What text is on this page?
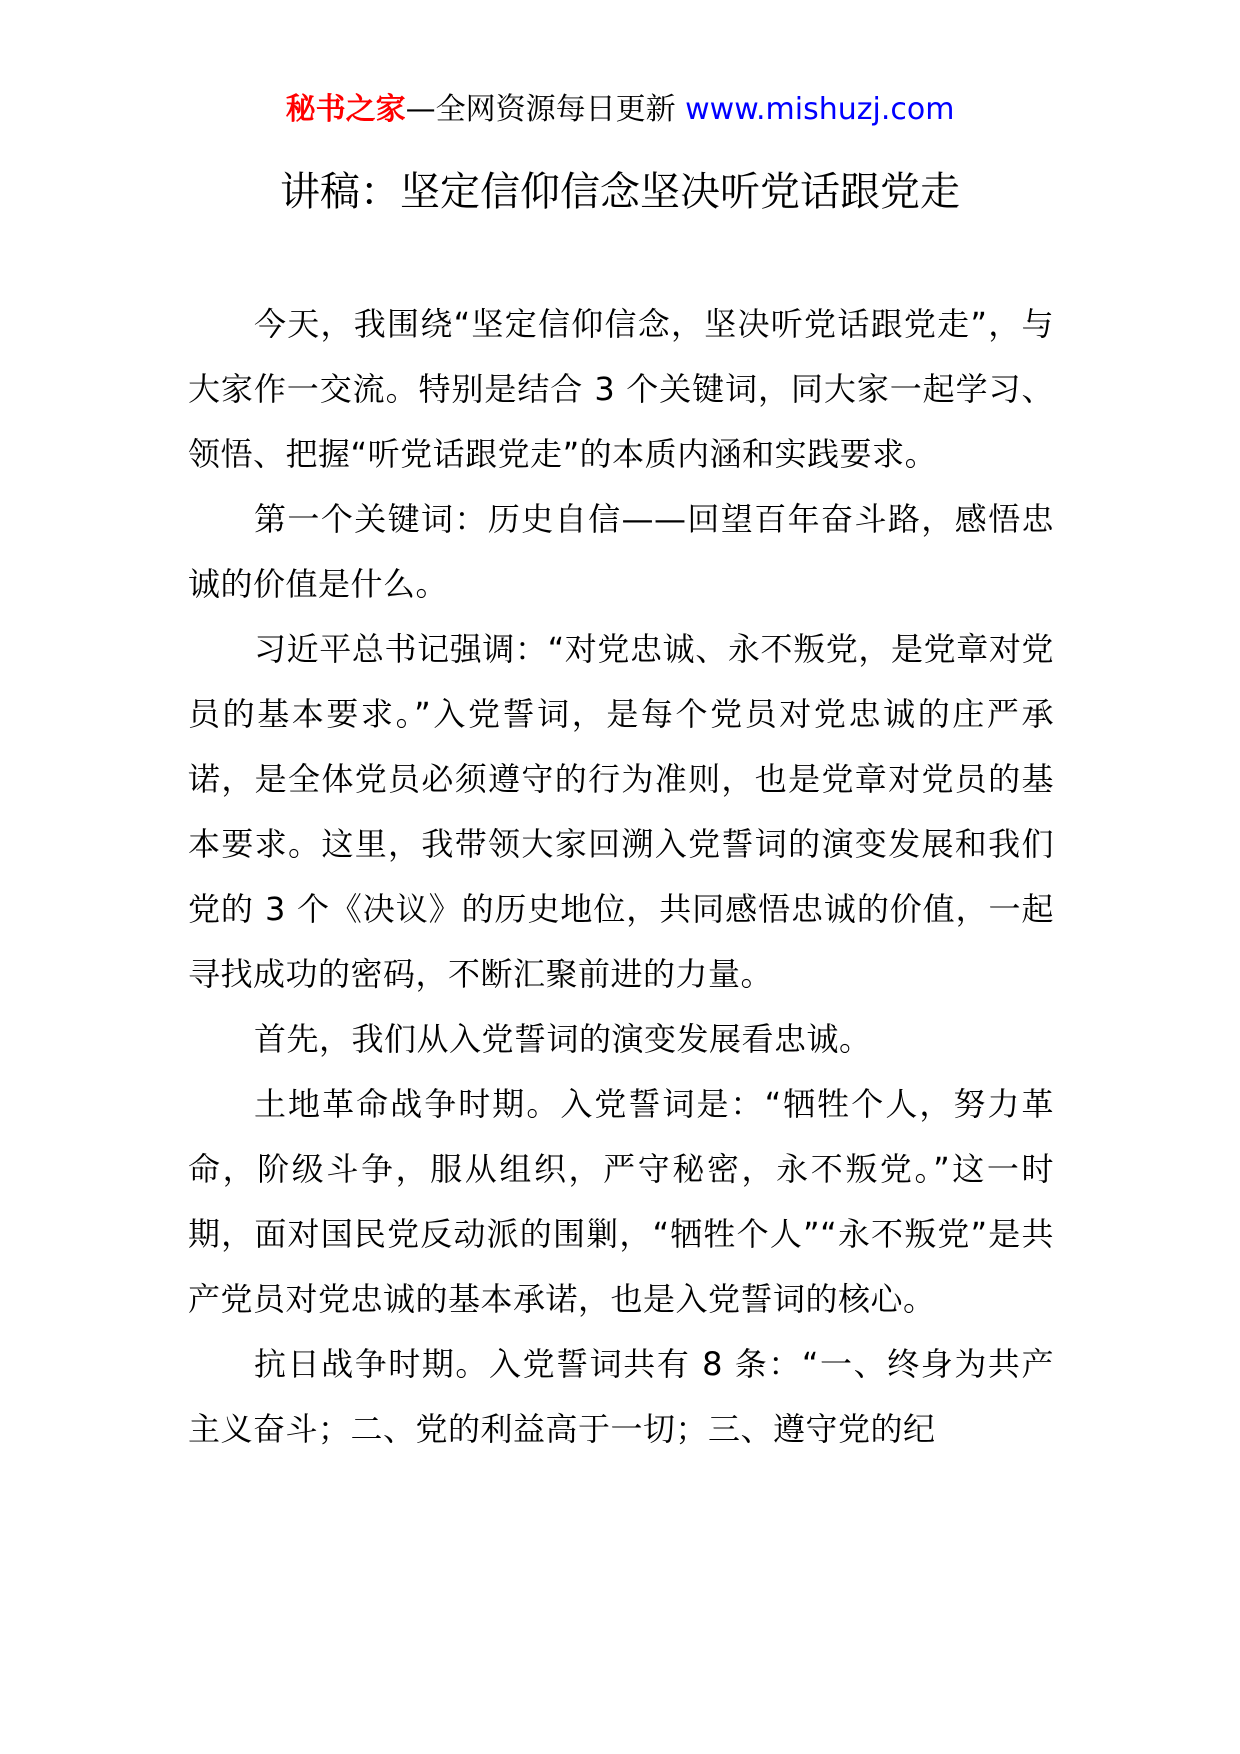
秘书之家—全网资源每日更新 www.mishuzj.com
讲稿：坚定信仰信念坚决听党话跟党走

今天，我围绕“坚定信仰信念，坚决听党话跟党走”，与大家作一交流。特别是结合 3 个关键词，同大家一起学习、领悟、把握“听党话跟党走”的本质内涵和实践要求。

第一个关键词：历史自信——回望百年奋斗路，感悟忠诚的价值是什么。

习近平总书记强调：“对党忠诚、永不叛党，是党章对党员的基本要求。”入党誓词，是每个党员对党忠诚的庄严承诺，是全体党员必须遵守的行为准则，也是党章对党员的基本要求。这里，我带领大家回溯入党誓词的演变发展和我们党的 3 个《决议》的历史地位，共同感悟忠诚的价值，一起寻找成功的密码，不断汇聚前进的力量。

首先，我们从入党誓词的演变发展看忠诚。

土地革命战争时期。入党誓词是：“牺牲个人，努力革命，阶级斗争，服从组织，严守秘密，永不叛党。”这一时期，面对国民党反动派的围剿，“牺牲个人”“永不叛党”是共产党员对党忠诚的基本承诺，也是入党誓词的核心。

抗日战争时期。入党誓词共有 8 条：“一、终身为共产主义奋斗；二、党的利益高于一切；三、遵守党的纪
